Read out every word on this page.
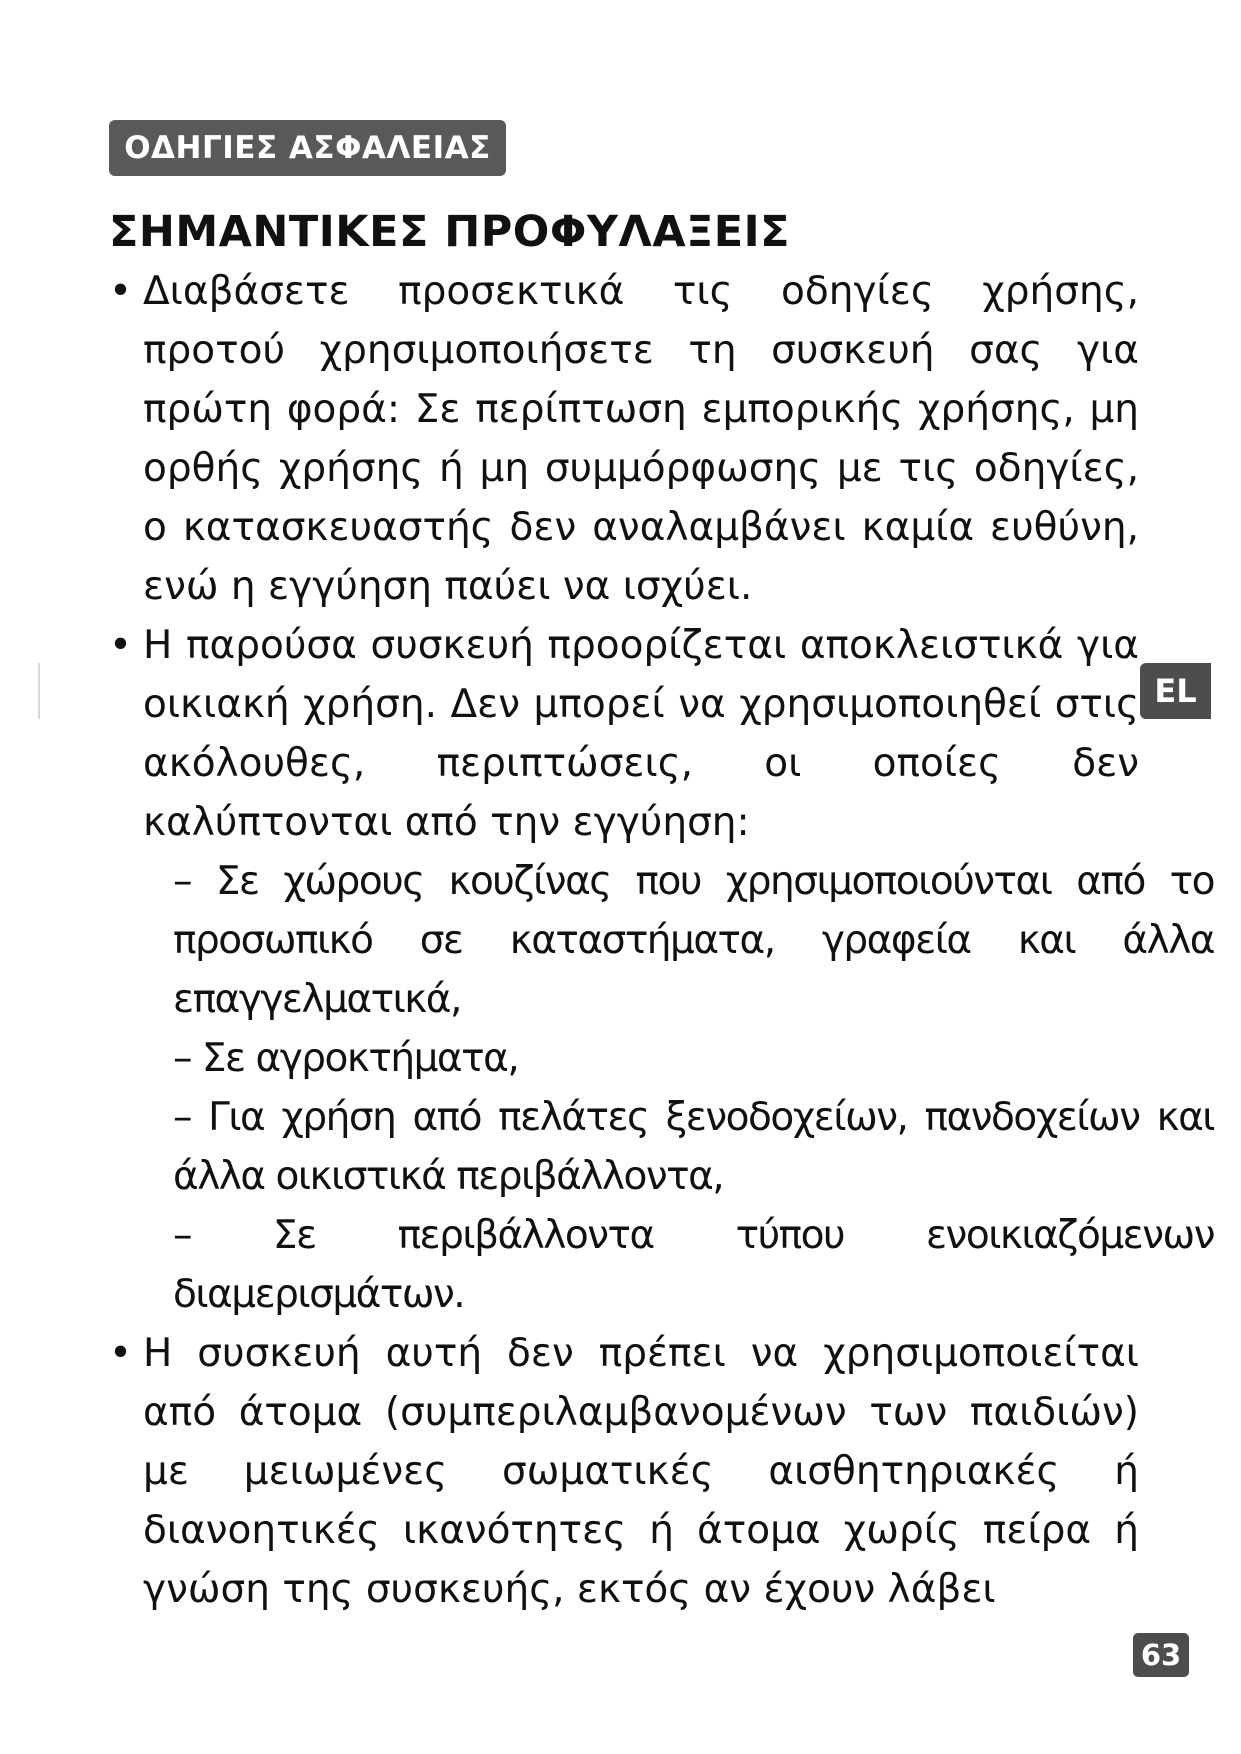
ΟΔΗΓΙΕΣ ΑΣΦΑΛΕΙΑΣ
ΣΗΜΑΝΤΙΚΕΣ ΠΡΟΦΥΛΑΞΕΙΣ
• Διαβάσετε προσεκτικά τις οδηγίες χρήσης, προτού χρησιμοποιήσετε τη συσκευή σας για πρώτη φορά: Σε περίπτωση εμπορικής χρήσης, μη ορθής χρήσης ή μη συμμόρφωσης με τις οδηγίες, ο κατασκευαστής δεν αναλαμβάνει καμία ευθύνη, ενώ η εγγύηση παύει να ισχύει.
• Η παρούσα συσκευή προορίζεται αποκλειστικά για οικιακή χρήση. Δεν μπορεί να χρησιμοποιηθεί στις ακόλουθες, περιπτώσεις, οι οποίες δεν καλύπτονται από την εγγύηση:
– Σε χώρους κουζίνας που χρησιμοποιούνται από το προσωπικό σε καταστήματα, γραφεία και άλλα επαγγελματικά,
– Σε αγροκτήματα,
– Για χρήση από πελάτες ξενοδοχείων, πανδοχείων και άλλα οικιστικά περιβάλλοντα,
– Σε περιβάλλοντα τύπου ενοικιαζόμενων διαμερισμάτων.
• Η συσκευή αυτή δεν πρέπει να χρησιμοποιείται από άτομα (συμπεριλαμβανομένων των παιδιών) με μειωμένες σωματικές αισθητηριακές ή διανοητικές ικανότητες ή άτομα χωρίς πείρα ή γνώση της συσκευής, εκτός αν έχουν λάβει
EL
63
